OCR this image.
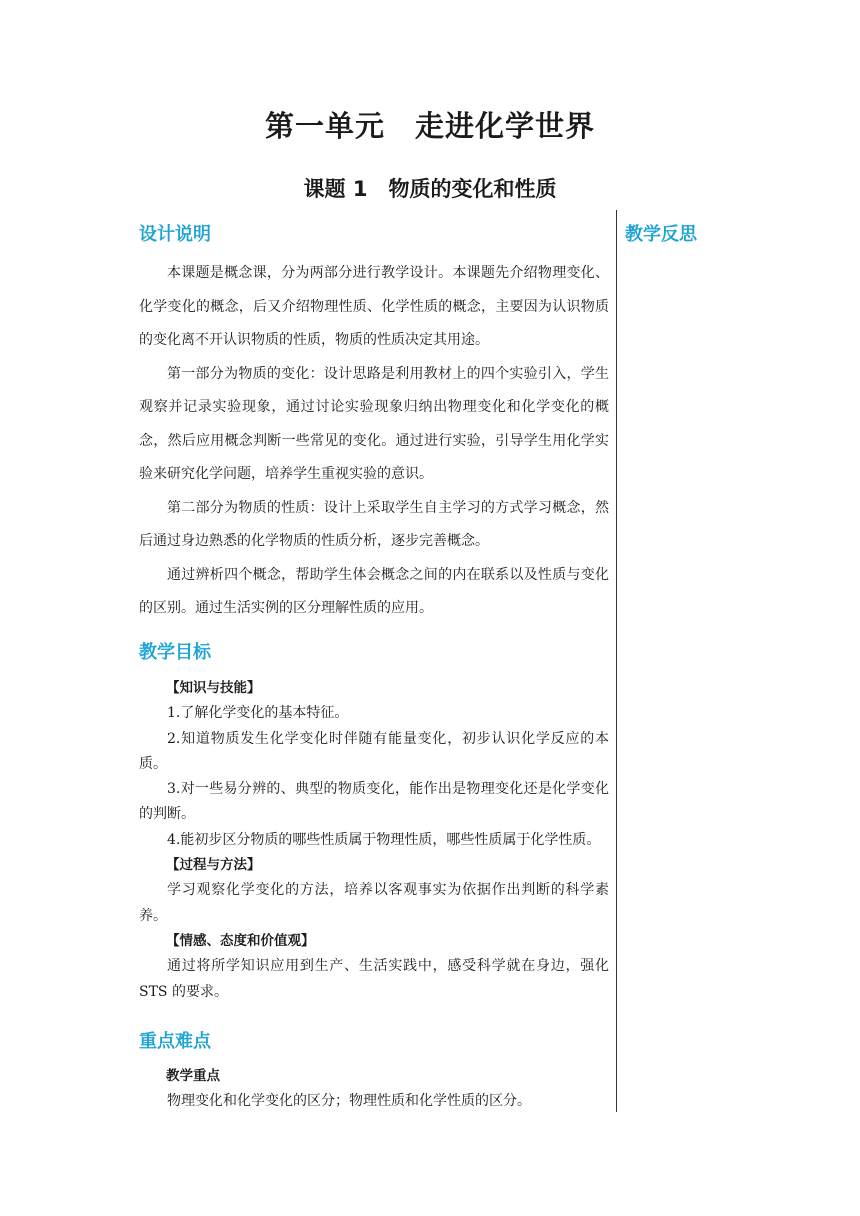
第一单元　走进化学世界
课题 1　物质的变化和性质
教学反思
设计说明

本课题是概念课，分为两部分进行教学设计。本课题先介绍物理变化、化学变化的概念，后又介绍物理性质、化学性质的概念，主要因为认识物质的变化离不开认识物质的性质，物质的性质决定其用途。

第一部分为物质的变化：设计思路是利用教材上的四个实验引入，学生观察并记录实验现象，通过讨论实验现象归纳出物理变化和化学变化的概念，然后应用概念判断一些常见的变化。通过进行实验，引导学生用化学实验来研究化学问题，培养学生重视实验的意识。

第二部分为物质的性质：设计上采取学生自主学习的方式学习概念，然后通过身边熟悉的化学物质的性质分析，逐步完善概念。

通过辨析四个概念，帮助学生体会概念之间的内在联系以及性质与变化的区别。通过生活实例的区分理解性质的应用。

教学目标

【知识与技能】

1.了解化学变化的基本特征。

2.知道物质发生化学变化时伴随有能量变化，初步认识化学反应的本质。

3.对一些易分辨的、典型的物质变化，能作出是物理变化还是化学变化的判断。

4.能初步区分物质的哪些性质属于物理性质，哪些性质属于化学性质。

【过程与方法】

学习观察化学变化的方法，培养以客观事实为依据作出判断的科学素养。

【情感、态度和价值观】

通过将所学知识应用到生产、生活实践中，感受科学就在身边，强化 STS 的要求。

重点难点

教学重点

物理变化和化学变化的区分；物理性质和化学性质的区分。
